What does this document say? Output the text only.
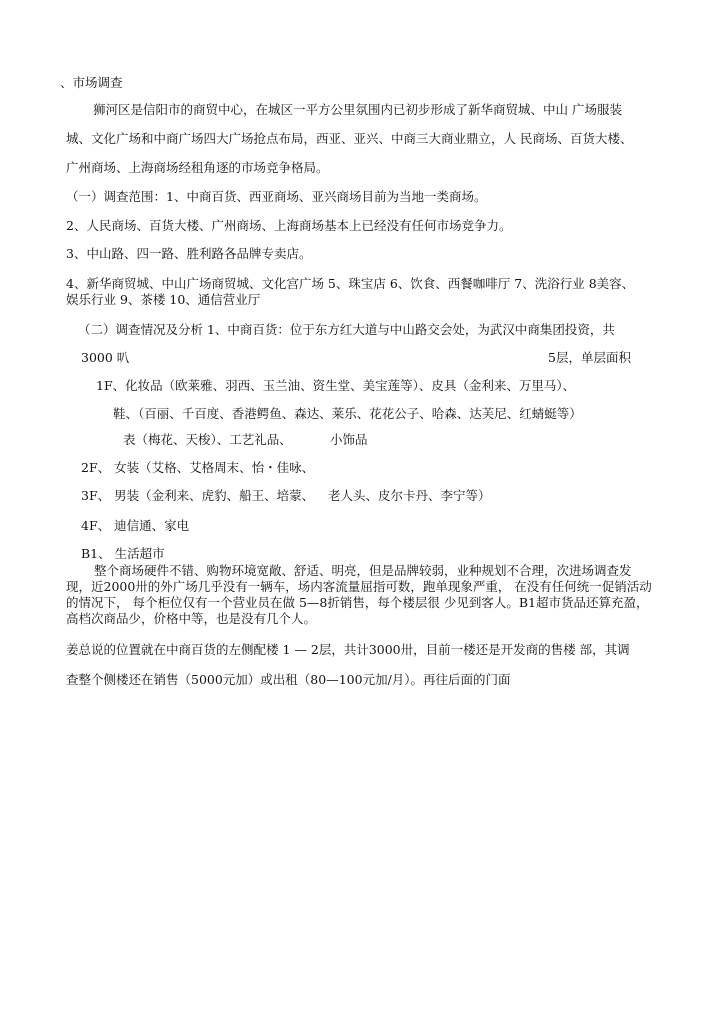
、市场调查
狮河区是信阳市的商贸中心，在城区一平方公里氛围内已初步形成了新华商贸城、中山 广场服装
城、文化广场和中商广场四大广场抢点布局，西亚、亚兴、中商三大商业鼎立，人 民商场、百货大楼、
广州商场、上海商场经租角逐的市场竞争格局。
（一）调查范围：1、中商百货、西亚商场、亚兴商场目前为当地一类商场。
2、人民商场、百货大楼、广州商场、上海商场基本上已经没有任何市场竞争力。
3、中山路、四一路、胜利路各品牌专卖店。
4、新华商贸城、中山广场商贸城、文化宫广场 5、珠宝店 6、饮食、西餐咖啡厅 7、洗浴行业 8美容、
娱乐行业 9、茶楼 10、通信营业厅
（二）调查情况及分析 1、中商百货：位于东方红大道与中山路交会处，为武汉中商集团投资，共
3000 叭	5层，单层面积
1F、化妆品（欧莱雅、羽西、玉兰油、资生堂、美宝莲等）、皮具（金利来、万里马）、
鞋、（百丽、千百度、香港鳄鱼、森达、莱乐、花花公子、哈森、达芙尼、红蜻蜓等）
表（梅花、天梭）、工艺礼品、	小饰品
2F、 女装（艾格、艾格周末、怡・佳咏、
3F、 男装（金利来、虎豹、船王、培蒙、 老人头、皮尔卡丹、李宁等）
4F、 迪信通、家电
B1、 生活超市
整个商场硬件不错、购物环境宽敞、舒适、明亮，但是品牌较弱，业种规划不合理，次进场调查发现，近2000卅的外广场几乎没有一辆车，场内客流量屈指可数，跑单现象严重， 在没有任何统一促销活动的情况下， 每个柜位仅有一个营业员在做 5—8折销售，每个楼层很 少见到客人。B1超市货品还算充盈，高档次商品少，价格中等，也是没有几个人。
姜总说的位置就在中商百货的左侧配楼 1 — 2层，共计3000卅，目前一楼还是开发商的售楼 部，其调
查整个侧楼还在销售（5000元加）或出租（80—100元加/月）。再往后面的门面
